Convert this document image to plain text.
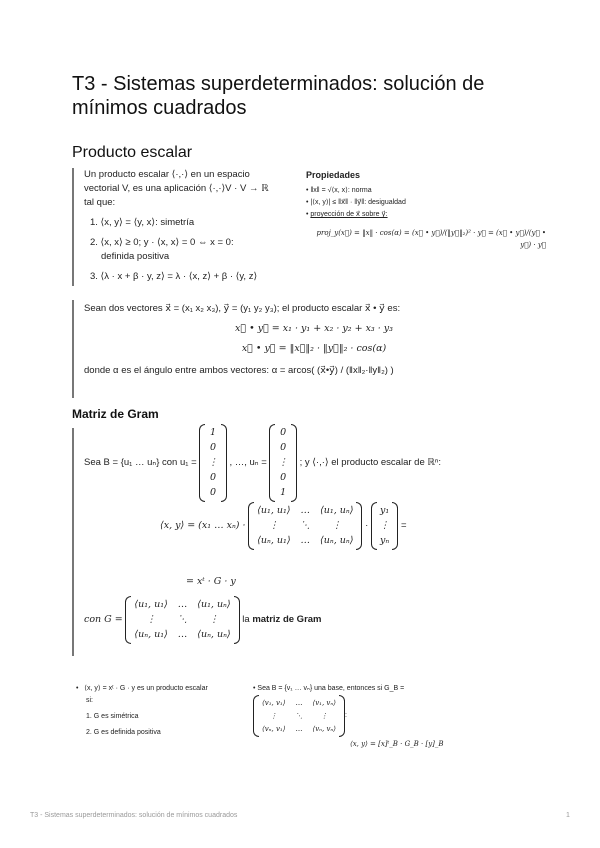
T3 - Sistemas superdeterminados: solución de mínimos cuadrados
Producto escalar
Un producto escalar ⟨·,·⟩ en un espacio
vectorial V, es una aplicación ⟨·,·⟩V · V → ℝ
tal que:
1. ⟨x, y⟩ = ⟨y, x⟩: simetría
2. ⟨x, x⟩ ≥ 0; y · ⟨x, x⟩ = 0 ⇔ x = 0:
definida positiva
3. ⟨λ · x + β · y, z⟩ = λ · ⟨x, z⟩ + β · ⟨y, z⟩
Propiedades
• ‖x‖ = √⟨x, x⟩: norma
• |⟨x, y⟩| ≤ ‖x⃗‖ · ‖y⃗‖: desigualdad
• proyección de x⃗ sobre y⃗:
proj_y(x⃗) = ‖x‖ · cos(α) = (x⃗ • y⃗)/(‖y⃗‖₂)² · y⃗ = (x⃗ • y⃗)/(y⃗ • y⃗) · y⃗
Sean dos vectores x⃗ = (x₁ x₂ x₃), y⃗ = (y₁ y₂ y₃); el producto escalar x⃗ • y⃗ es:
x⃗ • y⃗ = x₁ · y₁ + x₂ · y₂ + x₃ · y₃
x⃗ • y⃗ = ‖x⃗‖₂ · ‖y⃗‖₂ · cos(α)
donde α es el ángulo entre ambos vectores: α = arcos( (x⃗•y⃗) / (‖x‖₂·‖y‖₂) )
Matriz de Gram
Sea B = {u₁ … uₙ} con u₁ =

1
0
⋮
0
0

, …, uₙ =

0
0
⋮
0
1

; y ⟨·,·⟩ el producto escalar de ℝⁿ:
⟨x, y⟩ = (x₁ … xₙ) ·

⟨u₁, u₁⟩ … ⟨u₁, uₙ⟩
⋮	⋱	⋮
⟨uₙ, u₁⟩ … ⟨uₙ, uₙ⟩

·

y₁
⋮
yₙ

=
= xᵗ · G · y
con G =

⟨u₁, u₁⟩ … ⟨u₁, uₙ⟩
⋮	⋱	⋮
⟨uₙ, u₁⟩ … ⟨uₙ, uₙ⟩

la
matriz de Gram
•   ⟨x, y⟩ = xᵗ · G · y es un producto escalar
si:
1. G es simétrica
2. G es definida positiva
• Sea B = {v₁ … vₙ} una base, entonces si G_B =
⟨v₁, v₁⟩ … ⟨v₁, vₙ⟩
⋮	⋱	⋮
⟨vₙ, v₁⟩ … ⟨vₙ, vₙ⟩
:
⟨x, y⟩ = [x]ᵗ_B · G_B · [y]_B
T3 - Sistemas superdeterminados: solución de mínimos cuadrados	1
